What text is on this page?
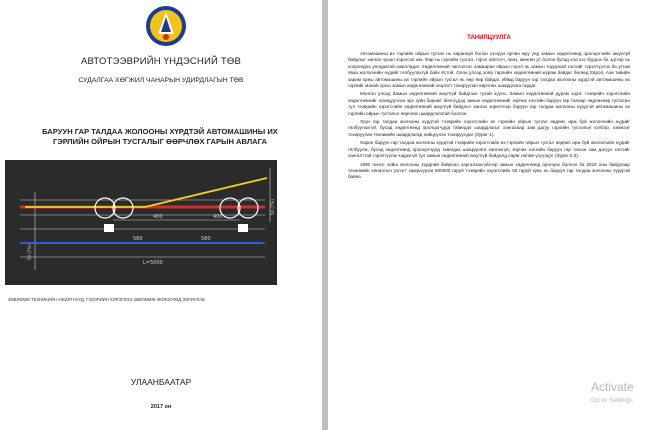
АВТОТЭЭВРИЙН ҮНДЭСНИЙ ТӨВ
СУДАЛГАА ХӨГЖИЛ ЧАНАРЫН УДИРДЛАГЫН ТӨВ
БАРУУН ГАР ТАЛДАА ЖОЛООНЫ ХҮРДТЭЙ АВТОМАШИНЫ ИХ
ГЭРЛИЙН ОЙРЫН ТУСГАЛЫГ ӨӨРЧЛӨХ ГАРЫН АВЛАГА
400	400
580	580
L=5000
50 (7%)
50 (7%)
ЗӨВЛӨМЖ ТЕХНИКИЙН АЖИЛТНУУД, ГЭЗЭРИЙН ХЭРЭГЛЭЭ ЗӨВЛӨМЖ ЖОЛООЧИД ЗОРИУЛАВ
УЛААНБААТАР
2017 он
ТАНИЛЦУУЛГА

Автомашины их гэрлийн ойрын тусгал нь харанхуй болон үзэгдэх орчин муу үед замын хөдөлгөөнд оролцогчийн аюулгүй байдлыг хангах чухал хэрэгсэл юм. Фар нь гэрлийн тусгал, гэрэл ойлгогч, линз, мөнгөн ус болон бусад хэсгээс бүрдэх ба эдгээр нь хоорондоо уялдаатай ажилладаг. Хөдөлгөөний чиглэлээс хамааран ойрын гэрэл нь замын тодорхой хэсгийг гэрэлтүүлэх ба угтаж яваа жолоочийн нүдийг гялбуулахгүй байх ёстой. Олон улсад хоёр төрлийн хөдөлгөөний журам байдаг бөгөөд Европ, Ази тивийн зарим орны автомашины их гэрлийн ойрын тусгал нь өөр өөр байдаг. Иймд баруун гар талдаа жолооны хүрдтэй автомашины их гэрлийг манай орны замын хөдөлгөөний онцлогт тохируулан өөрчлөх шаардлага гардаг.

Монгол улсад Замын хөдөлгөөний аюулгүй байдлын тухай хууль, Замын хөдөлгөөний дүрэм зэрэг тээврийн хэрэгслийн хөдөлгөөнийг зохицуулсан эрх зүйн баримт бичгүүдэд замын хөдөлгөөнийг зорчих хэсгийн баруун гар талаар хөдлөхөөр тусгасан тул тээврийн хэрэгслийн хөдөлгөөний аюулгүй байдлыг хангах зорилгоор баруун гар талдаа жолооны хүрдтэй автомашины их гэрлийн ойрын тусгалыг өөрчлөх шаардлагатай болсон.

Зүүн гар талдаа жолооны хүрдтэй тээврийн хэрэгслийн их гэрлийн ойрын тусгал өөдөөс ирж буй жолоочийн нүдийг гялбуулахгүй, бусад хөдөлгөөнд оролцогчдод тавигдах шаардлагыг хангахаар зам дагуу гэрлийн тусгалын хэлбэр, хэмжээг тохируулан техникийн шаардлагад нийцүүлэн тохируулдаг (Зураг-1).

Харин баруун гар талдаа жолооны хүрдтэй тээврийн хэрэгслийн их гэрлийн ойрын тусгал өөдөөс ирж буй жолоочийн нүдийг гялбуулж, бусад хөдөлгөөнд оролцогчдод тавигдах шаардлага хангахгүй, зорчих хэсгийн баруун гар талын зам дагуух хэсгийг хангалттай гэрэлтүүлж чадахгүй тул замын хөдөлгөөний аюулгүй байдалд сөрөг нөлөө үзүүлдэг (Зураг-2,3).

1990 оноос хойш жолооны хүрдний байрлал харгалзахгүйгээр замын хөдөлгөөнд оролцох болсон ба 2016 оны байдлаар техникийн хяналтын үзлэгт хамрагдсан 500000 гаруй тээврийн хэрэгслийн 50 гаруй хувь нь баруун гар талдаа жолооны хүрдтэй байна.

Activate
Go to Settings
